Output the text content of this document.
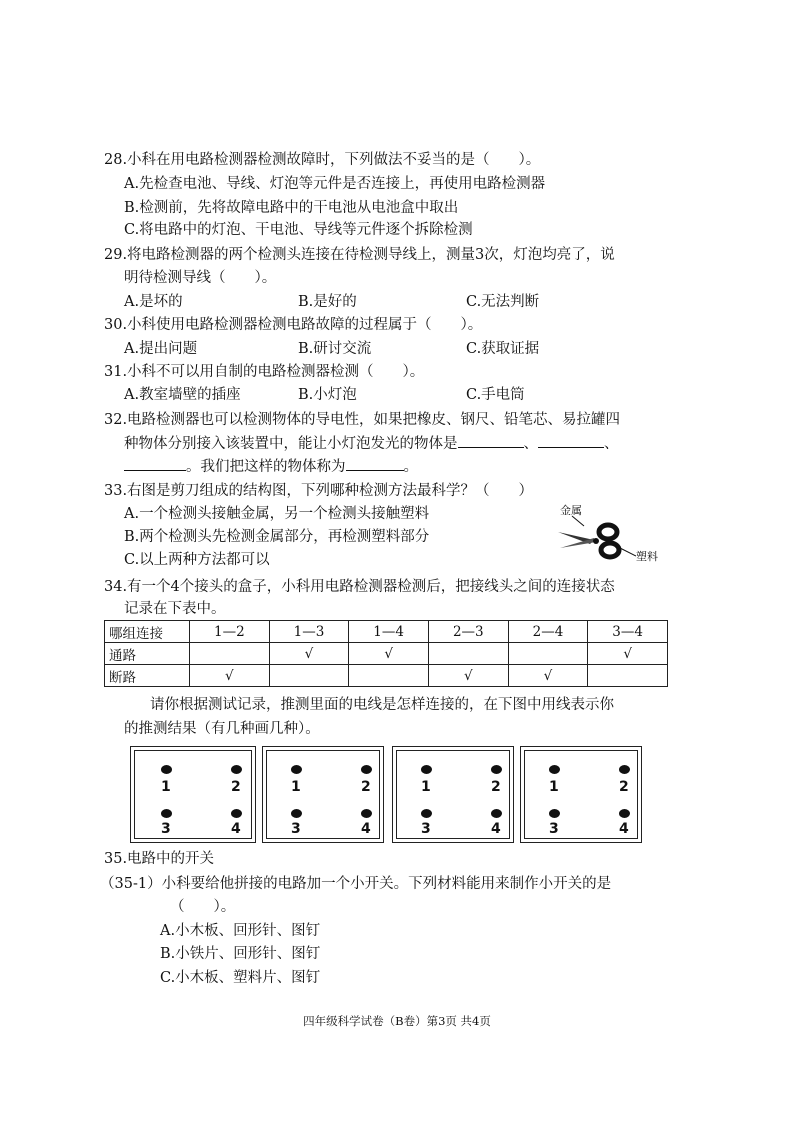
28.小科在用电路检测器检测故障时，下列做法不妥当的是（　　）。
A.先检查电池、导线、灯泡等元件是否连接上，再使用电路检测器
B.检测前，先将故障电路中的干电池从电池盒中取出
C.将电路中的灯泡、干电池、导线等元件逐个拆除检测
29.将电路检测器的两个检测头连接在待检测导线上，测量3次，灯泡均亮了，说
明待检测导线（　　）。
A.是坏的	B.是好的	C.无法判断
30.小科使用电路检测器检测电路故障的过程属于（　　）。
A.提出问题	B.研讨交流	C.获取证据
31.小科不可以用自制的电路检测器检测（　　）。
A.教室墙壁的插座	B.小灯泡	C.手电筒
32.电路检测器也可以检测物体的导电性，如果把橡皮、钢尺、铅笔芯、易拉罐四
种物体分别接入该装置中，能让小灯泡发光的物体是	、	、
。我们把这样的物体称为	。
33.右图是剪刀组成的结构图，下列哪种检测方法最科学？（　　）
A.一个检测头接触金属，另一个检测头接触塑料
B.两个检测头先检测金属部分，再检测塑料部分
C.以上两种方法都可以
金属
塑料
34.有一个4个接头的盒子，小科用电路检测器检测后，把接线头之间的连接状态
记录在下表中。
哪组连接	1—2	1—3	1—4	2—3	2—4	3—4
通路		√	√			√
断路	√			√	√	
请你根据测试记录，推测里面的电线是怎样连接的，在下图中用线表示你
的推测结果（有几种画几种）。
1	2
3	4
1	2
3	4
1	2
3	4
1	2
3	4
35.电路中的开关
（35-1）小科要给他拼接的电路加一个小开关。下列材料能用来制作小开关的是
（　　）。
A.小木板、回形针、图钉
B.小铁片、回形针、图钉
C.小木板、塑料片、图钉
四年级科学试卷（B卷）第3页 共4页
